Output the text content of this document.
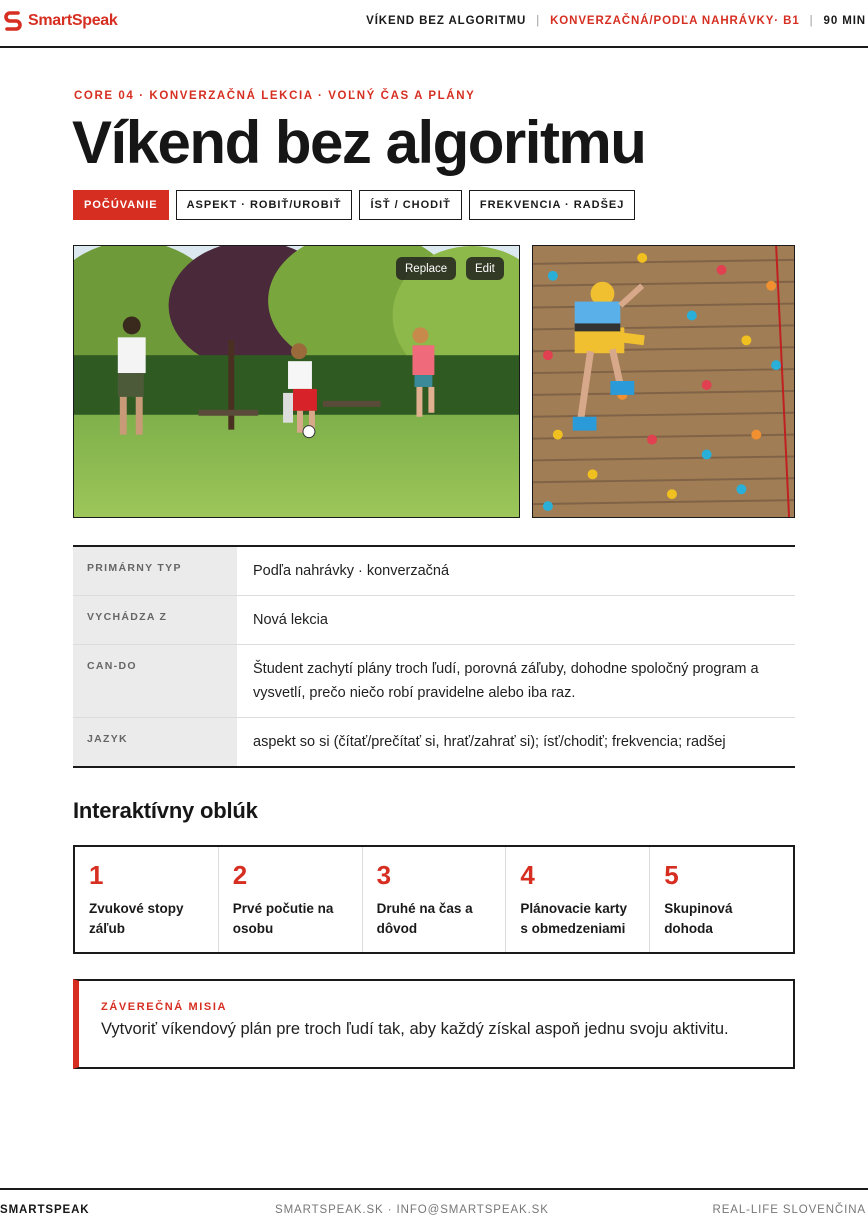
SmartSpeak	VÍKEND BEZ ALGORITMU | KONVERZAČNÁ/PODĽA NAHRÁVKY· B1 | 90 MIN
CORE 04 · KONVERZAČNÁ LEKCIA · VOĽNÝ ČAS A PLÁNY
Víkend bez algoritmu
POČÚVANIE	ASPEKT · ROBIŤ/UROBIŤ	ÍSŤ / CHODIŤ	FREKVENCIA · RADŠEJ
Replace	Edit
PRIMÁRNY TYP	Podľa nahrávky · konverzačná
VYCHÁDZA Z	Nová lekcia
CAN-DO	Študent zachytí plány troch ľudí, porovná záľuby, dohodne spoločný program a vysvetlí, prečo niečo robí pravidelne alebo iba raz.
JAZYK	aspekt so si (čítať/prečítať si, hrať/zahrať si); ísť/chodiť; frekvencia; radšej
Interaktívny oblúk
1
Zvukové stopy záľub
2
Prvé počutie na osobu
3
Druhé na čas a dôvod
4
Plánovacie karty s obmedzeniami
5
Skupinová dohoda
ZÁVEREČNÁ MISIA
Vytvoriť víkendový plán pre troch ľudí tak, aby každý získal aspoň jednu svoju aktivitu.
SMARTSPEAK	SMARTSPEAK.SK · INFO@SMARTSPEAK.SK	REAL-LIFE SLOVENČINA
